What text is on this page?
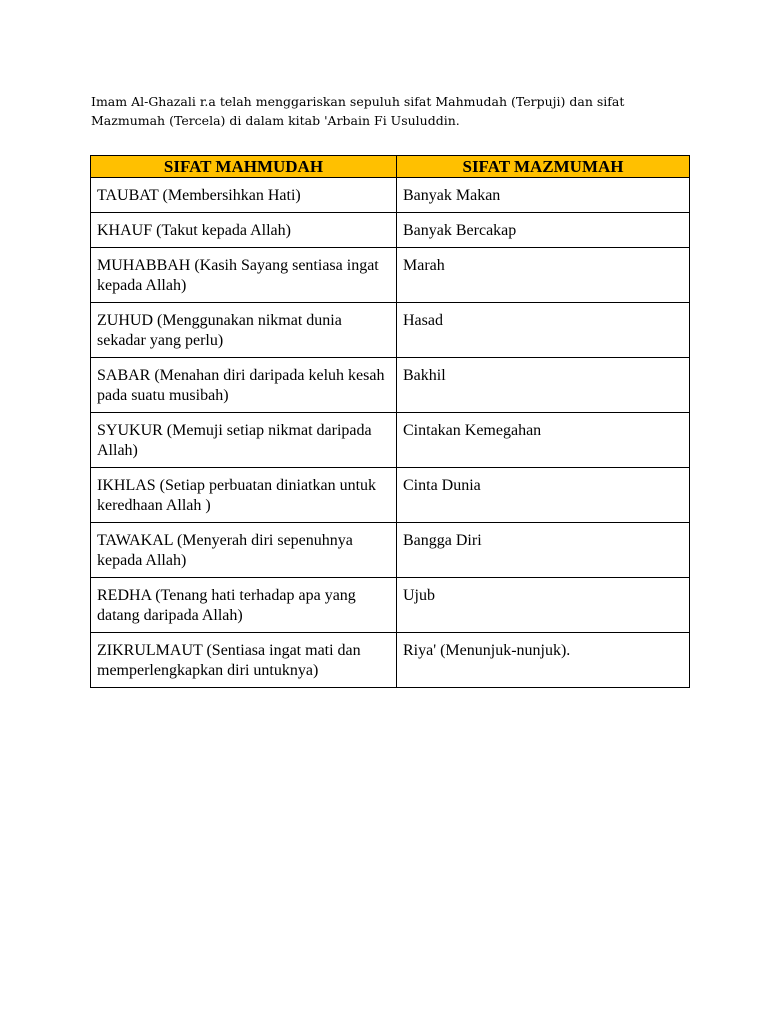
Imam Al-Ghazali r.a telah menggariskan sepuluh sifat Mahmudah (Terpuji) dan sifat

Mazmumah (Tercela) di dalam kitab 'Arbain Fi Usuluddin.

SIFAT MAHMUDAH	SIFAT MAZMUMAH
TAUBAT (Membersihkan Hati)	Banyak Makan
KHAUF (Takut kepada Allah)	Banyak Bercakap
MUHABBAH (Kasih Sayang sentiasa ingat kepada Allah)	Marah
ZUHUD (Menggunakan nikmat dunia sekadar yang perlu)	Hasad
SABAR (Menahan diri daripada keluh kesah pada suatu musibah)	Bakhil
SYUKUR (Memuji setiap nikmat daripada Allah)	Cintakan Kemegahan
IKHLAS (Setiap perbuatan diniatkan untuk keredhaan Allah )	Cinta Dunia
TAWAKAL (Menyerah diri sepenuhnya kepada Allah)	Bangga Diri
REDHA (Tenang hati terhadap apa yang datang daripada Allah)	Ujub
ZIKRULMAUT (Sentiasa ingat mati dan memperlengkapkan diri untuknya)	Riya' (Menunjuk-nunjuk).
